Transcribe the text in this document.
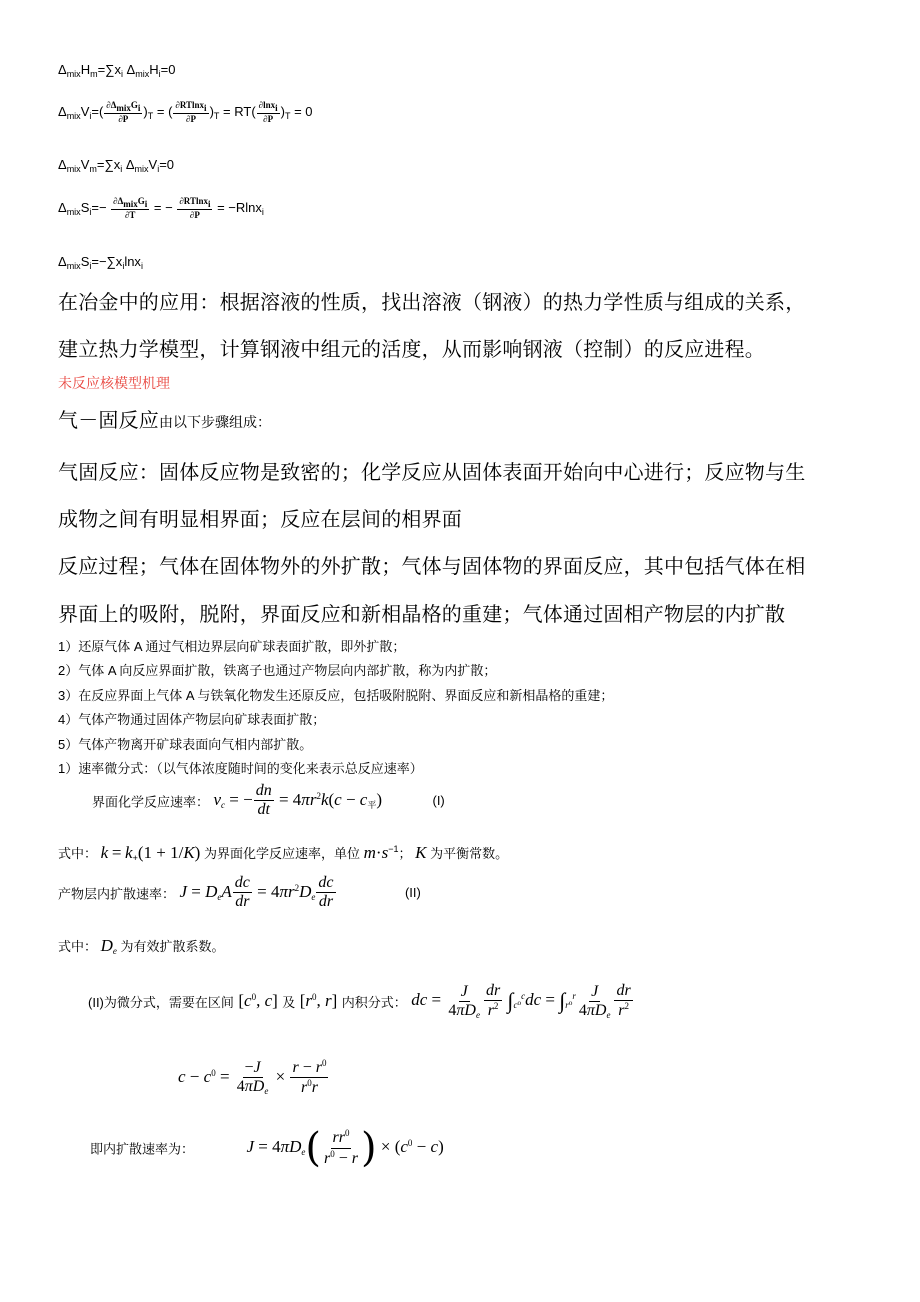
$\Delta_{mix}H_m=\sum x_i$ $\Delta_{mix}H_i=0$
$\Delta_{mix}V_i=( \frac{\partial\Delta_{mix}G_i}{\partial P} )_T$ = ( $\frac{\partial RTlnx_i}{\partial P} )_T = RT( \frac{\partial\ln x_i}{\partial P} )_T = 0$
$\Delta_{mix}V_m=\sum x_i$ $\Delta_{mix}V_i=0$
$\Delta_{mix}S_i=- \frac{\partial\Delta_{mix}G_i}{\partial T}$ = − $\frac{\partial RTlnx_i}{\partial P} = -Rlnx_i$
$\Delta_{mix}S_i=-\sum x_i\ln x_i$
在冶金中的应用：根据溶液的性质，找出溶液（钢液）的热力学性质与组成的关系，
建立热力学模型，计算钢液中组元的活度，从而影响钢液（控制）的反应进程。
未反应核模型机理
气－固反应由以下步骤组成：
气固反应：固体反应物是致密的；化学反应从固体表面开始向中心进行；反应物与生
成物之间有明显相界面；反应在层间的相界面
反应过程；气体在固体物外的外扩散；气体与固体物的界面反应，其中包括气体在相
界面上的吸附，脱附，界面反应和新相晶格的重建；气体通过固相产物层的内扩散
1）还原气体 A 通过气相边界层向矿球表面扩散，即外扩散；
2）气体 A 向反应界面扩散，铁离子也通过产物层向内部扩散，称为内扩散；
3）在反应界面上气体 A 与铁氧化物发生还原反应，包括吸附脱附、界面反应和新相晶格的重建；
4）气体产物通过固体产物层向矿球表面扩散；
5）气体产物离开矿球表面向气相内部扩散。
1）速率微分式：（以气体浓度随时间的变化来表示总反应速率）
界面化学反应速率： $v_c$ = − $\frac{dn}{dt} = 4\pi r^2k(c - c_平)$	(I)
式中： $k = k_+(1 + 1/K)$ 为界面化学反应速率，单位 $m\cdot s^{-1}$； K 为平衡常数。
产物层内扩散速率： $J = D_eA \frac{dc}{dr} = 4\pi r^2D_e \frac{dc}{dr}$	(II)
式中： $D_e$ 为有效扩散系数。
(II)为微分式，需要在区间 [$c^0$, c] 及 [$r^0$, r] 内积分式： dc = $\frac{J}{4\pi D_e} \frac{dr}{r^2} \int_{c^0}^cdc = \int_{r^0}^r \frac{J}{4\pi D_e} \frac{dr}{r^2}$
$c - c^0 = \frac{-J}{4\pi D_e} \times \frac{r - r^0}{r^0r}$
即内扩散速率为：	$J = 4\pi D_e( \frac{rr^0}{r^0 - r}$ ) × $(c^0 - c)$
